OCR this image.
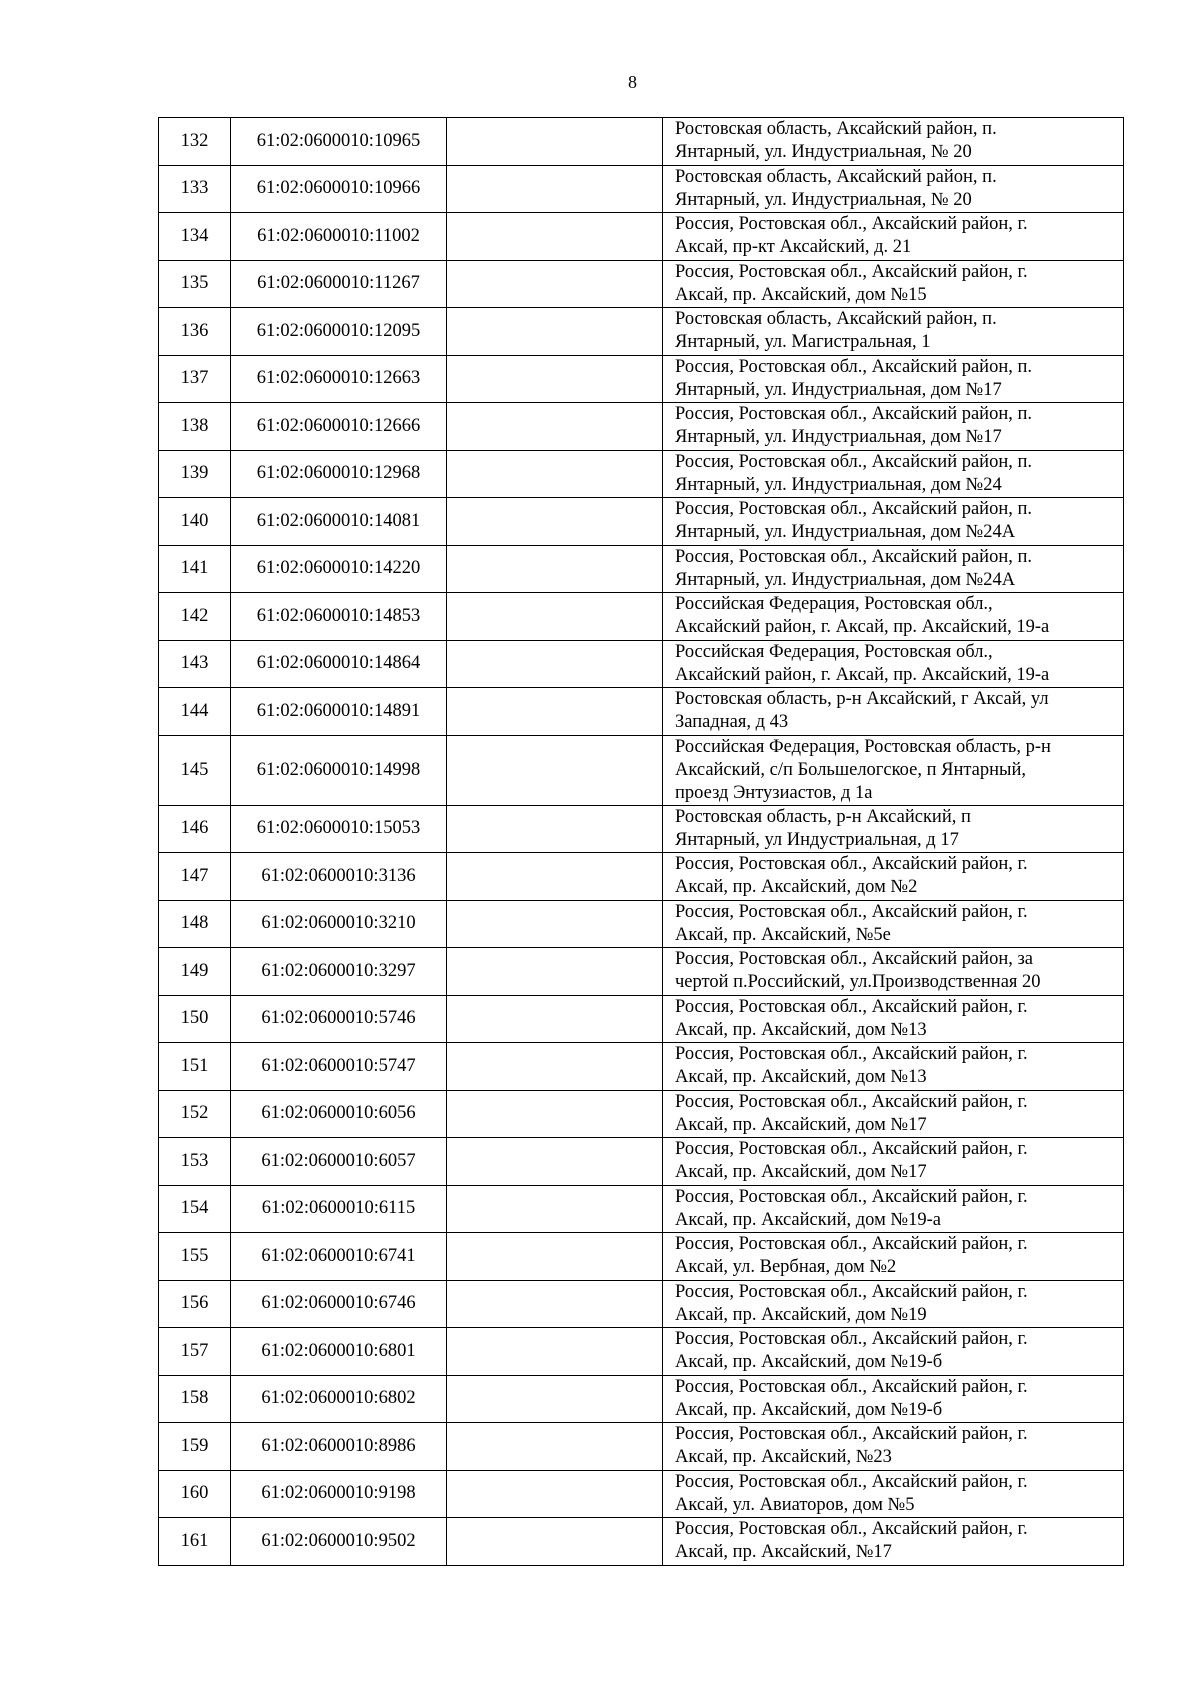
8
132	61:02:0600010:10965		Ростовская область, Аксайский район, п.
Янтарный, ул. Индустриальная, № 20

133	61:02:0600010:10966		Ростовская область, Аксайский район, п.
Янтарный, ул. Индустриальная, № 20

134	61:02:0600010:11002		Россия, Ростовская обл., Аксайский район, г.
Аксай, пр-кт Аксайский, д. 21

135	61:02:0600010:11267		Россия, Ростовская обл., Аксайский район, г.
Аксай, пр. Аксайский, дом №15

136	61:02:0600010:12095		Ростовская область, Аксайский район, п.
Янтарный, ул. Магистральная, 1

137	61:02:0600010:12663		Россия, Ростовская обл., Аксайский район, п.
Янтарный, ул. Индустриальная, дом №17

138	61:02:0600010:12666		Россия, Ростовская обл., Аксайский район, п.
Янтарный, ул. Индустриальная, дом №17

139	61:02:0600010:12968		Россия, Ростовская обл., Аксайский район, п.
Янтарный, ул. Индустриальная, дом №24

140	61:02:0600010:14081		Россия, Ростовская обл., Аксайский район, п.
Янтарный, ул. Индустриальная, дом №24А

141	61:02:0600010:14220		Россия, Ростовская обл., Аксайский район, п.
Янтарный, ул. Индустриальная, дом №24А

142	61:02:0600010:14853		Российская Федерация, Ростовская обл.,
Аксайский район, г. Аксай, пр. Аксайский, 19-а

143	61:02:0600010:14864		Российская Федерация, Ростовская обл.,
Аксайский район, г. Аксай, пр. Аксайский, 19-а

144	61:02:0600010:14891		Ростовская область, р-н Аксайский, г Аксай, ул
Западная, д 43

145	61:02:0600010:14998		Российская Федерация, Ростовская область, р-н
Аксайский, с/п Большелогское, п Янтарный,
проезд Энтузиастов, д 1а

146	61:02:0600010:15053		Ростовская область, р-н Аксайский, п
Янтарный, ул Индустриальная, д 17

147	61:02:0600010:3136		Россия, Ростовская обл., Аксайский район, г.
Аксай, пр. Аксайский, дом №2

148	61:02:0600010:3210		Россия, Ростовская обл., Аксайский район, г.
Аксай, пр. Аксайский, №5е

149	61:02:0600010:3297		Россия, Ростовская обл., Аксайский район, за
чертой п.Российский, ул.Производственная 20

150	61:02:0600010:5746		Россия, Ростовская обл., Аксайский район, г.
Аксай, пр. Аксайский, дом №13

151	61:02:0600010:5747		Россия, Ростовская обл., Аксайский район, г.
Аксай, пр. Аксайский, дом №13

152	61:02:0600010:6056		Россия, Ростовская обл., Аксайский район, г.
Аксай, пр. Аксайский, дом №17

153	61:02:0600010:6057		Россия, Ростовская обл., Аксайский район, г.
Аксай, пр. Аксайский, дом №17

154	61:02:0600010:6115		Россия, Ростовская обл., Аксайский район, г.
Аксай, пр. Аксайский, дом №19-а

155	61:02:0600010:6741		Россия, Ростовская обл., Аксайский район, г.
Аксай, ул. Вербная, дом №2

156	61:02:0600010:6746		Россия, Ростовская обл., Аксайский район, г.
Аксай, пр. Аксайский, дом №19

157	61:02:0600010:6801		Россия, Ростовская обл., Аксайский район, г.
Аксай, пр. Аксайский, дом №19-б

158	61:02:0600010:6802		Россия, Ростовская обл., Аксайский район, г.
Аксай, пр. Аксайский, дом №19-б

159	61:02:0600010:8986		Россия, Ростовская обл., Аксайский район, г.
Аксай, пр. Аксайский, №23

160	61:02:0600010:9198		Россия, Ростовская обл., Аксайский район, г.
Аксай, ул. Авиаторов, дом №5

161	61:02:0600010:9502		Россия, Ростовская обл., Аксайский район, г.
Аксай, пр. Аксайский, №17
